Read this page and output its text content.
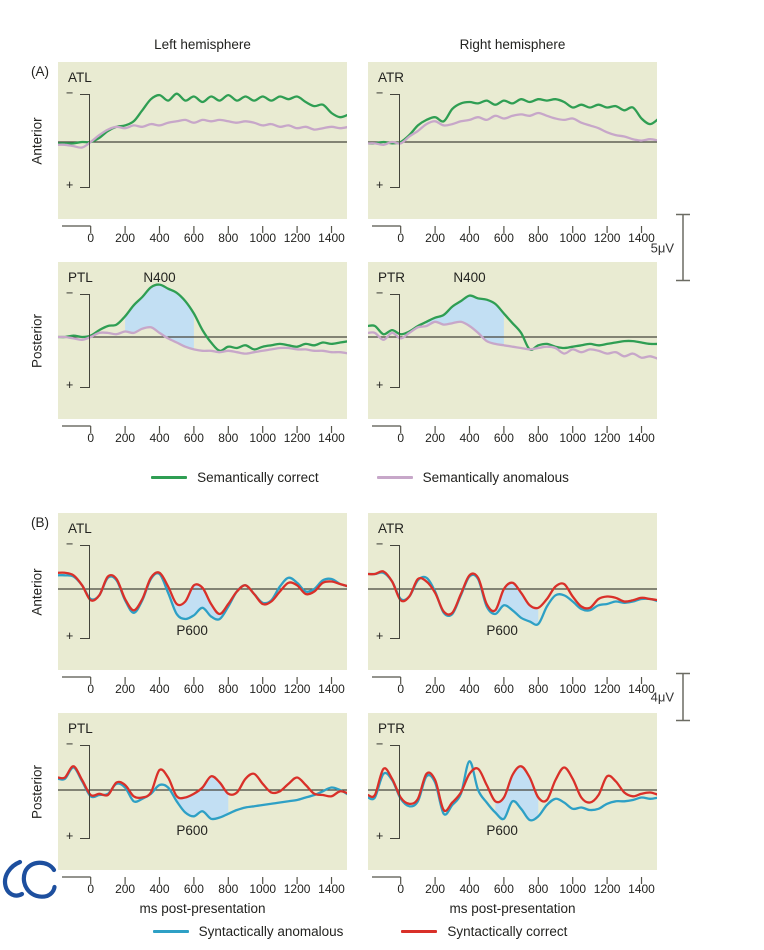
Left hemisphere	Right hemisphere
(A)
(B)
Anterior
Posterior
Anterior
Posterior
ATL
−
+
ATR
−
+
PTL
−
+
N400	PTR
−
+
N400
ATL
−
+	P600
ATR
−
+	P600
PTL
−
+	P600
PTR
−
+	P600
0 200 400 600 800 1000 1200 1400	0 200 400 600 800 1000 1200 1400
0 200 400 600 800 1000 1200 1400	0 200 400 600 800 1000 1200 1400
0 200 400 600 800 1000 1200 1400	0 200 400 600 800 1000 1200 1400
0 200 400 600 800 1000 1200 1400	0 200 400 600 800 1000 1200 1400
5μV
4μV
ms post-presentation	ms post-presentation
Semantically correct	Semantically anomalous
Syntactically anomalous	Syntactically correct
